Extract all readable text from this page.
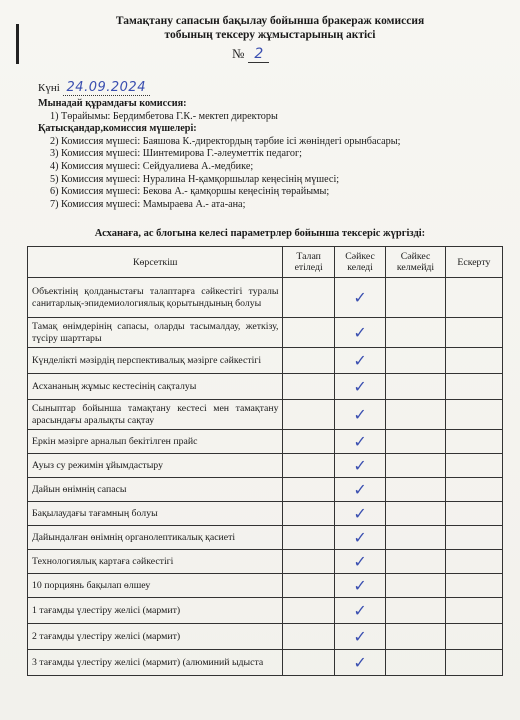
Тамақтану сапасын бақылау бойынша бракераж комиссия
тобының тексеру жұмыстарының актісі
№ 2
Күні 24.09.2024
Мынадай құрамдағы комиссия:
1) Төрайымы: Бердимбетова Г.К.- мектеп директоры
Қатысқандар,комиссия мүшелері:
2) Комиссия мүшесі: Баяшова К.-директордың тәрбие ісі жөніндегі орынбасары;
3) Комиссия мүшесі: Шинтемирова Г.-әлеуметтік педагог;
4) Комиссия мүшесі: Сейдуалиева А.-медбике;
5) Комиссия мүшесі: Нуралина Н-қамқоршылар кеңесінің мүшесі;
6) Комиссия мүшесі: Бекова А.- қамқоршы кеңесінің төрайымы;
7) Комиссия мүшесі: Мамыраева А.- ата-ана;
Асханаға, ас блогына келесі параметрлер бойынша тексеріс жүргізді:
Көрсеткіш	Талап етіледі	Сәйкес келеді	Сәйкес келмейді	Ескерту
Объектінің қолданыстағы талаптарға сәйкестігі туралы санитарлық-эпидемиологиялық қорытындының болуы		✓		
Тамақ өнімдерінің сапасы, оларды тасымалдау, жеткізу, түсіру шарттары		✓		
Күнделікті мәзірдің перспективалық мәзірге сәйкестігі		✓		
Асхананың жұмыс кестесінің сақталуы		✓		
Сыныптар бойынша тамақтану кестесі мен тамақтану арасындағы аралықты сақтау		✓		
Еркін мәзірге арналып бекітілген прайс		✓		
Ауыз су режимін ұйымдастыру		✓		
Дайын өнімнің сапасы		✓		
Бақылаудағы тағамның болуы		✓		
Дайындалған өнімнің органолептикалық қасиеті		✓		
Технологиялық картаға сәйкестігі		✓		
10 порциянь бақылап өлшеу		✓		
1 тағамды үлестіру желісі (мармит)		✓		
2 тағамды үлестіру желісі (мармит)		✓		
3 тағамды үлестіру желісі (мармит) (алюминий ыдыста		✓		
